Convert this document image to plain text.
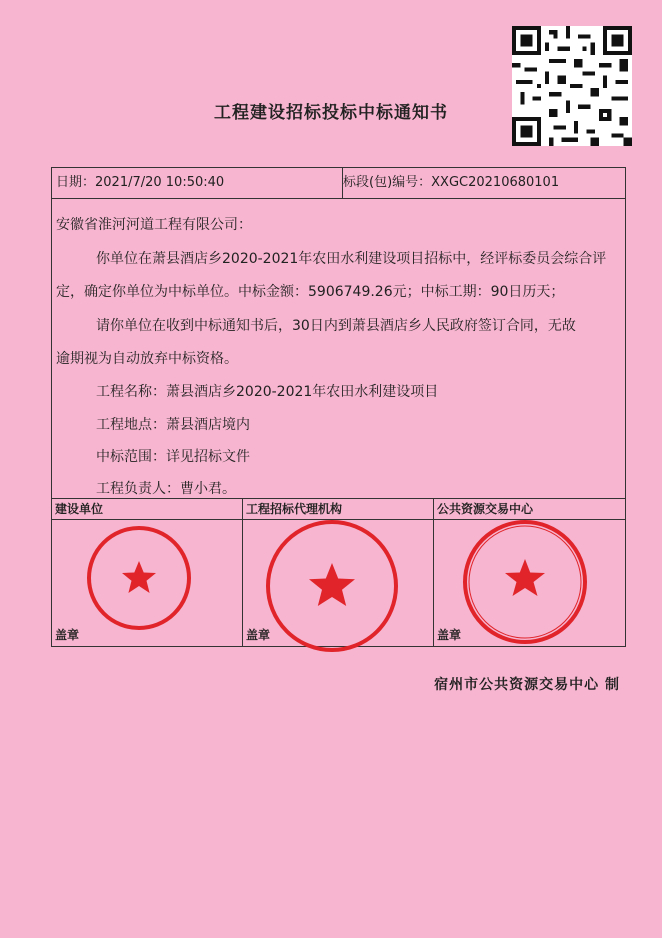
工程建设招标投标中标通知书
日期：2021/7/20 10:50:40	标段(包)编号：XXGC20210680101
安徽省淮河河道工程有限公司：
你单位在萧县酒店乡2020-2021年农田水利建设项目招标中，经评标委员会综合评
定，确定你单位为中标单位。中标金额：5906749.26元；中标工期：90日历天；
请你单位在收到中标通知书后，30日内到萧县酒店乡人民政府签订合同，无故
逾期视为自动放弃中标资格。
工程名称：萧县酒店乡2020-2021年农田水利建设项目
工程地点：萧县酒店境内
中标范围：详见招标文件
工程负责人：曹小君。
建设单位
盖章
工程招标代理机构
盖章
公共资源交易中心
盖章
宿州市公共资源交易中心 制
